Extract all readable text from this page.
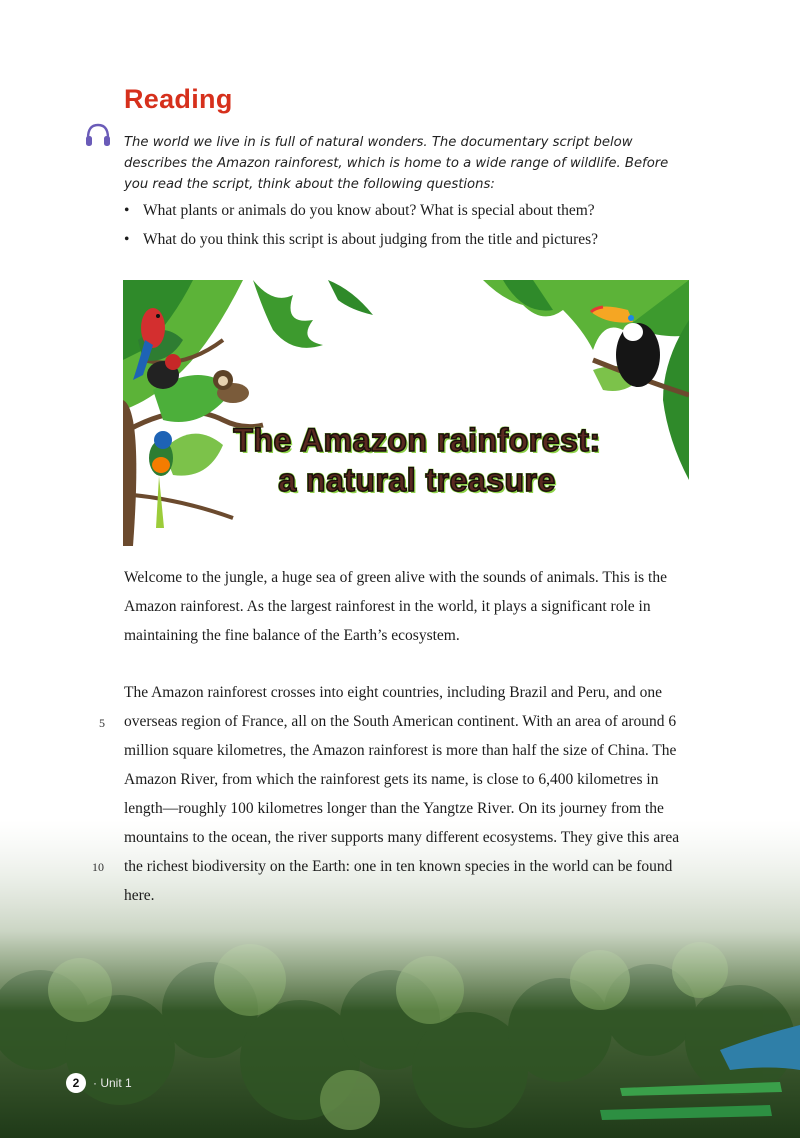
Reading

The world we live in is full of natural wonders. The documentary script below describes the Amazon rainforest, which is home to a wide range of wildlife. Before you read the script, think about the following questions:

• What plants or animals do you know about? What is special about them?
• What do you think this script is about judging from the title and pictures?
The Amazon rainforest:
a natural treasure

Welcome to the jungle, a huge sea of green alive with the sounds of animals. This is the Amazon rainforest. As the largest rainforest in the world, it plays a significant role in maintaining the fine balance of the Earth’s ecosystem.

The Amazon rainforest crosses into eight countries, including Brazil and Peru, and one overseas region of France, all on the South American continent. With an area of around 6 million square kilometres, the Amazon rainforest is more than half the size of China. The Amazon River, from which the rainforest gets its name, is close to 6,400 kilometres in length—roughly 100 kilometres longer than the Yangtze River. On its journey from the mountains to the ocean, the river supports many different ecosystems. They give this area the richest biodiversity on the Earth: one in ten known species in the world can be found here.

5
10
2	· Unit 1
